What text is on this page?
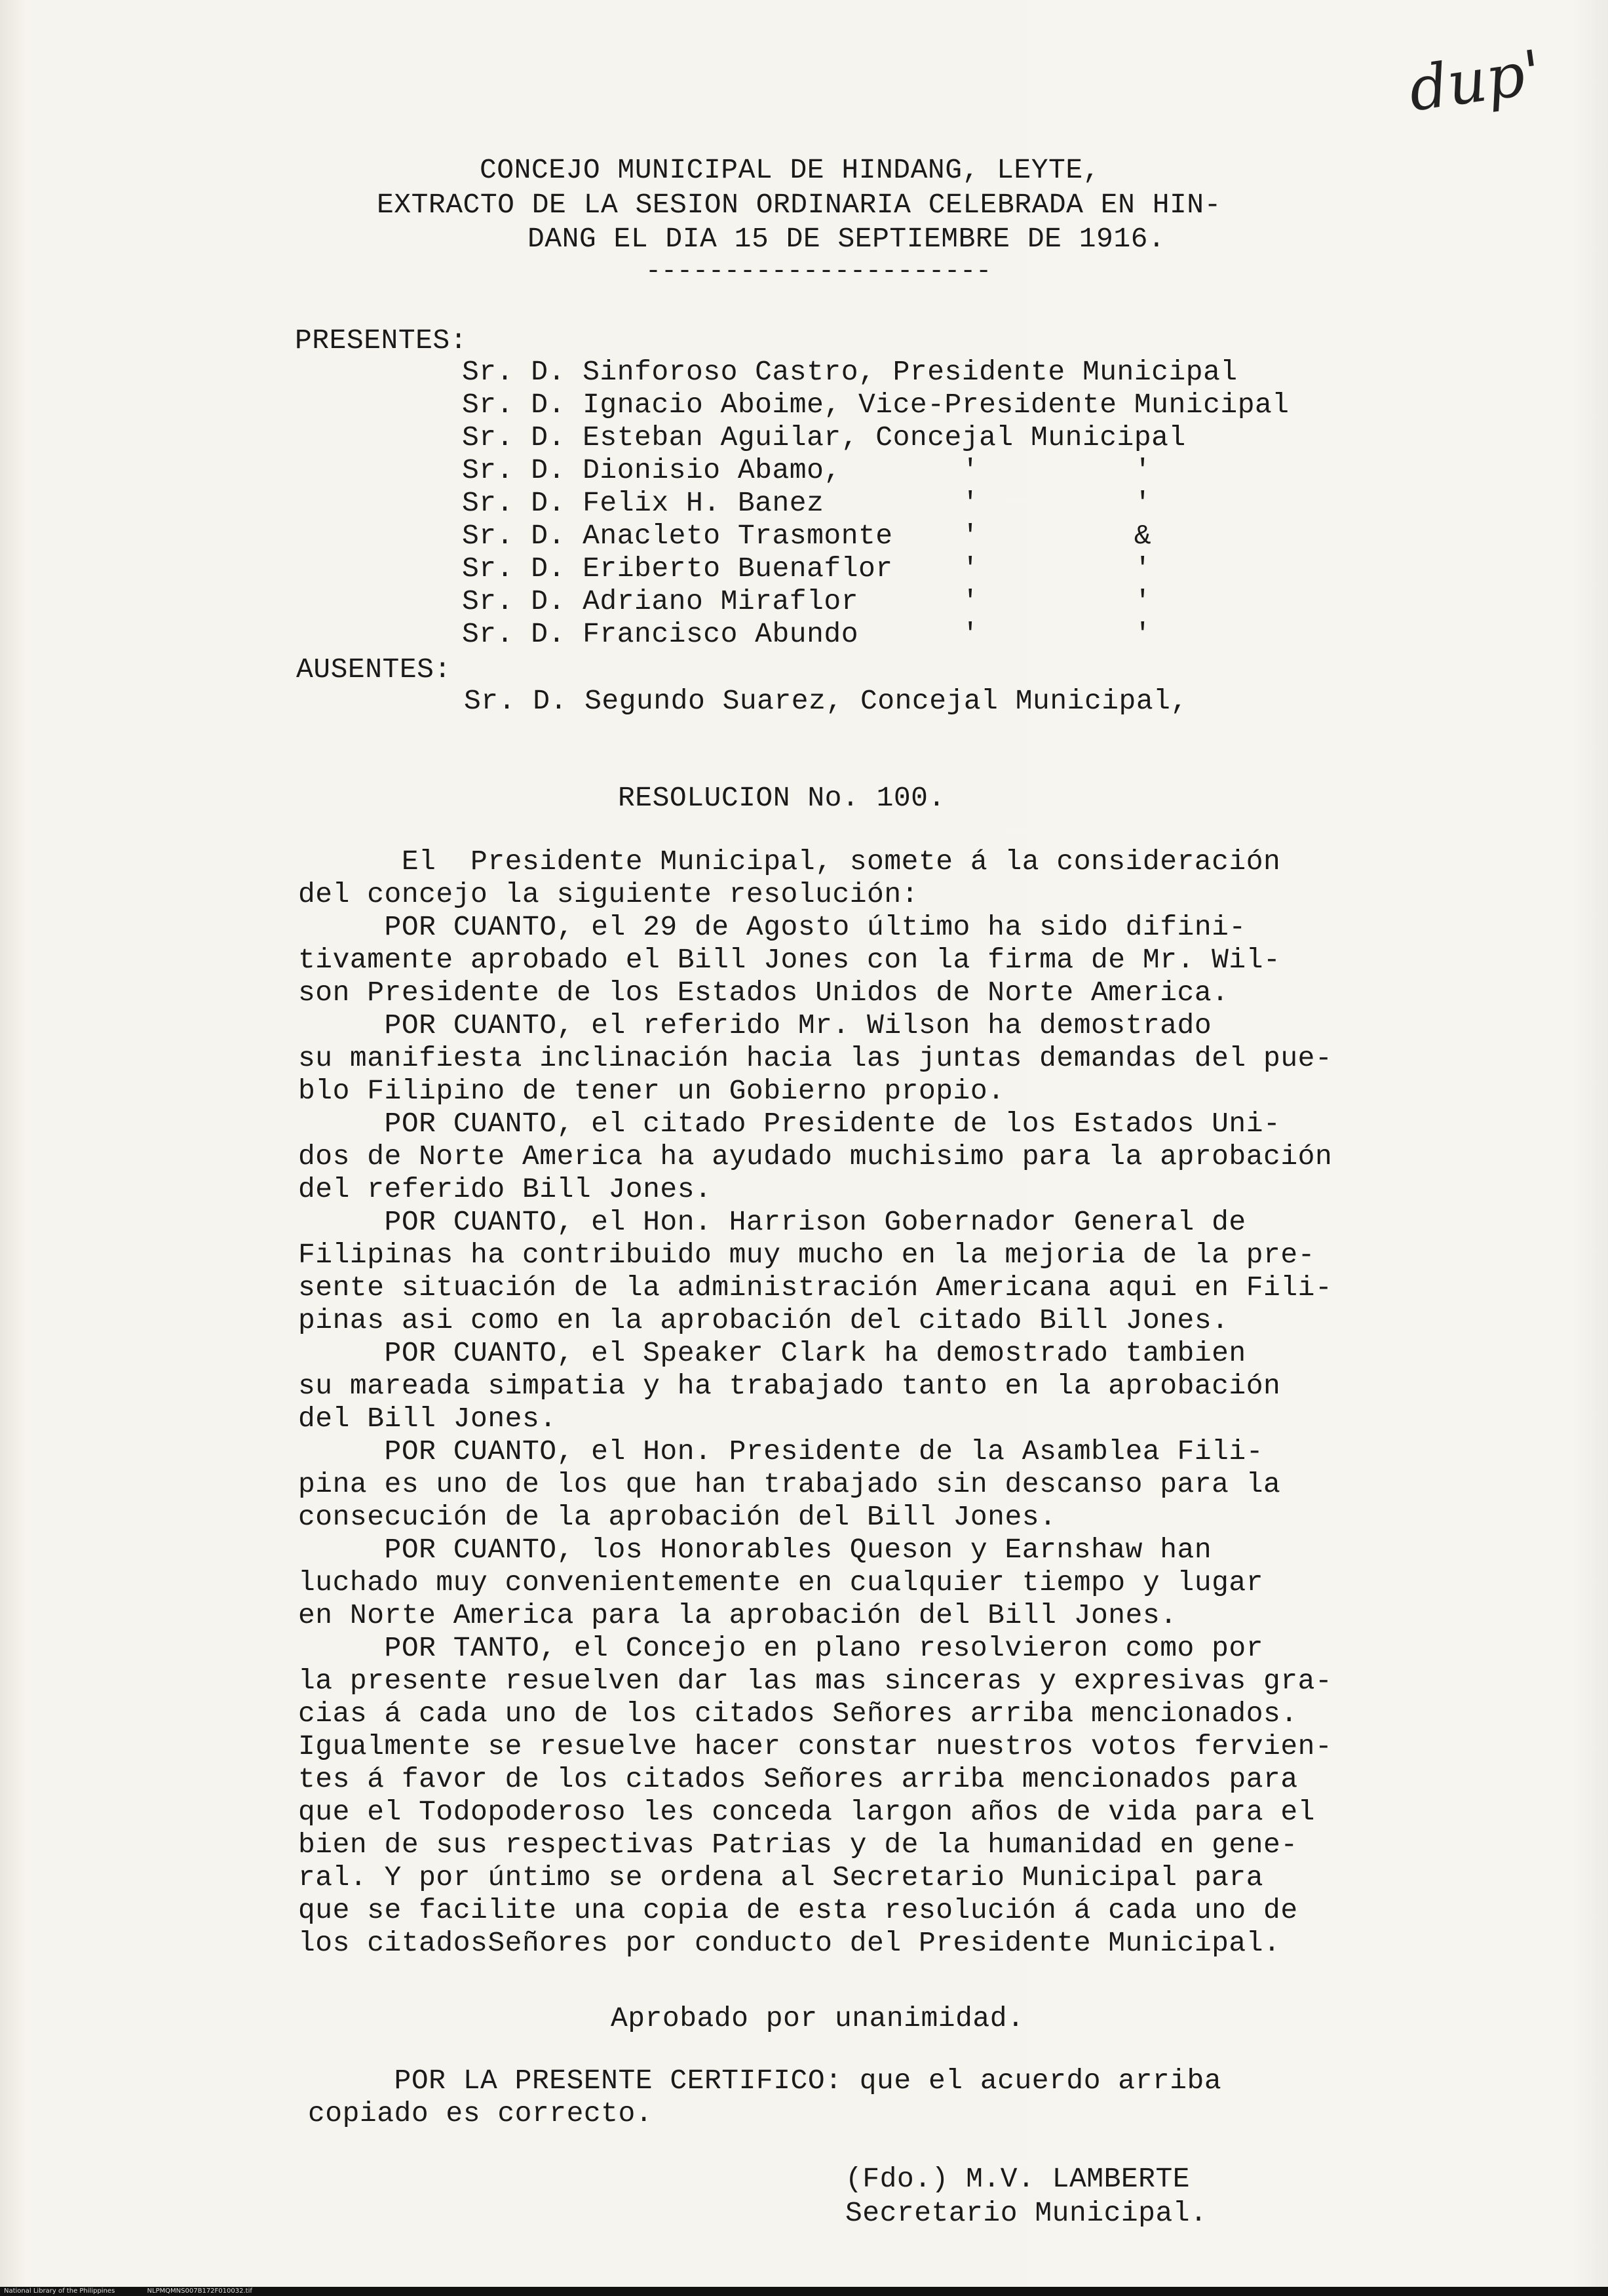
dup'
CONCEJO MUNICIPAL DE HINDANG, LEYTE,
EXTRACTO DE LA SESION ORDINARIA CELEBRADA EN HIN-
DANG EL DIA 15 DE SEPTIEMBRE DE 1916.
----------------------
PRESENTES:
Sr. D. Sinforoso Castro, Presidente Municipal
Sr. D. Ignacio Aboime, Vice-Presidente Municipal
Sr. D. Esteban Aguilar, Concejal Municipal
Sr. D. Dionisio Abamo,       '         '
Sr. D. Felix H. Banez        '         '
Sr. D. Anacleto Trasmonte    '         &
Sr. D. Eriberto Buenaflor    '         '
Sr. D. Adriano Miraflor      '         '
Sr. D. Francisco Abundo      '         '
AUSENTES:
Sr. D. Segundo Suarez, Concejal Municipal,
RESOLUCION No. 100.
El  Presidente Municipal, somete á la consideración
del concejo la siguiente resolución:
POR CUANTO, el 29 de Agosto último ha sido difini-
tivamente aprobado el Bill Jones con la firma de Mr. Wil-
son Presidente de los Estados Unidos de Norte America.
POR CUANTO, el referido Mr. Wilson ha demostrado
su manifiesta inclinación hacia las juntas demandas del pue-
blo Filipino de tener un Gobierno propio.
POR CUANTO, el citado Presidente de los Estados Uni-
dos de Norte America ha ayudado muchisimo para la aprobación
del referido Bill Jones.
POR CUANTO, el Hon. Harrison Gobernador General de
Filipinas ha contribuido muy mucho en la mejoria de la pre-
sente situación de la administración Americana aqui en Fili-
pinas asi como en la aprobación del citado Bill Jones.
POR CUANTO, el Speaker Clark ha demostrado tambien
su mareada simpatia y ha trabajado tanto en la aprobación
del Bill Jones.
POR CUANTO, el Hon. Presidente de la Asamblea Fili-
pina es uno de los que han trabajado sin descanso para la
consecución de la aprobación del Bill Jones.
POR CUANTO, los Honorables Queson y Earnshaw han
luchado muy convenientemente en cualquier tiempo y lugar
en Norte America para la aprobación del Bill Jones.
POR TANTO, el Concejo en plano resolvieron como por
la presente resuelven dar las mas sinceras y expresivas gra-
cias á cada uno de los citados Señores arriba mencionados.
Igualmente se resuelve hacer constar nuestros votos fervien-
tes á favor de los citados Señores arriba mencionados para
que el Todopoderoso les conceda largon años de vida para el
bien de sus respectivas Patrias y de la humanidad en gene-
ral. Y por úntimo se ordena al Secretario Municipal para
que se facilite una copia de esta resolución á cada uno de
los citadosSeñores por conducto del Presidente Municipal.
Aprobado por unanimidad.
POR LA PRESENTE CERTIFICO: que el acuerdo arriba
copiado es correcto.
(Fdo.) M.V. LAMBERTE
Secretario Municipal.
National Library of the Philippines	NLPMQMNS007B172F010032.tif
